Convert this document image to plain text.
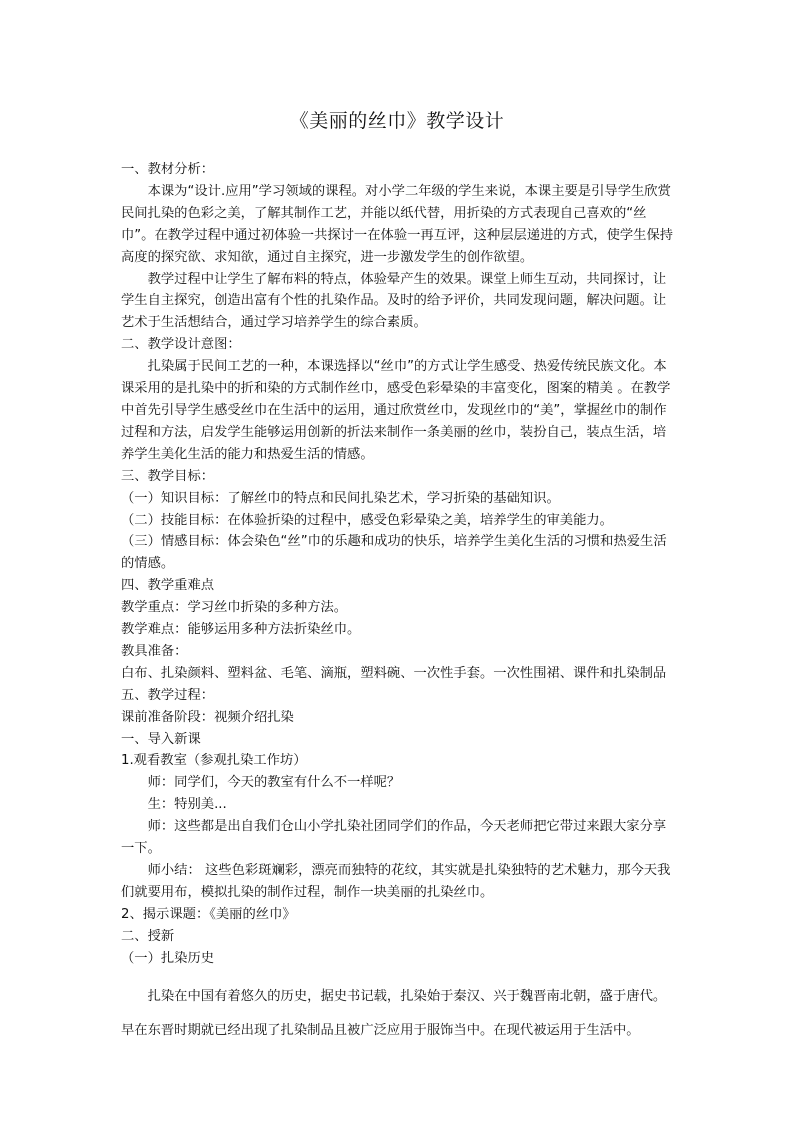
《美丽的丝巾》教学设计

一、教材分析：

本课为“设计.应用”学习领域的课程。对小学二年级的学生来说，本课主要是引导学生欣赏民间扎染的色彩之美，了解其制作工艺，并能以纸代替，用折染的方式表现自己喜欢的“丝巾”。在教学过程中通过初体验一共探讨一在体验一再互评，这种层层递进的方式，使学生保持高度的探究欲、求知欲，通过自主探究，进一步激发学生的创作欲望。

教学过程中让学生了解布料的特点，体验晕产生的效果。课堂上师生互动，共同探讨，让学生自主探究，创造出富有个性的扎染作品。及时的给予评价，共同发现问题，解决问题。让艺术于生活想结合，通过学习培养学生的综合素质。

二、教学设计意图：

扎染属于民间工艺的一种，本课选择以“丝巾”的方式让学生感受、热爱传统民族文化。本课采用的是扎染中的折和染的方式制作丝巾，感受色彩晕染的丰富变化，图案的精美 。在教学中首先引导学生感受丝巾在生活中的运用，通过欣赏丝巾，发现丝巾的“美”，掌握丝巾的制作过程和方法，启发学生能够运用创新的折法来制作一条美丽的丝巾，装扮自己，装点生活，培养学生美化生活的能力和热爱生活的情感。

三、教学目标：

（一）知识目标：了解丝巾的特点和民间扎染艺术，学习折染的基础知识。

（二）技能目标：在体验折染的过程中，感受色彩晕染之美，培养学生的审美能力。

（三）情感目标：体会染色“丝”巾的乐趣和成功的快乐，培养学生美化生活的习惯和热爱生活的情感。

四、教学重难点

教学重点：学习丝巾折染的多种方法。

教学难点：能够运用多种方法折染丝巾。

教具准备：

白布、扎染颜料、塑料盆、毛笔、滴瓶，塑料碗、一次性手套。一次性围裙、课件和扎染制品

五、教学过程：

课前准备阶段：视频介绍扎染

一、导入新课

1.观看教室（参观扎染工作坊）

师：同学们，今天的教室有什么不一样呢？

生：特别美...

师：这些都是出自我们仓山小学扎染社团同学们的作品，今天老师把它带过来跟大家分享一下。

师小结： 这些色彩斑斓彩，漂亮而独特的花纹，其实就是扎染独特的艺术魅力，那今天我们就要用布，模拟扎染的制作过程，制作一块美丽的扎染丝巾。

2、揭示课题：《美丽的丝巾》

二、授新

（一）扎染历史

扎染在中国有着悠久的历史，据史书记载，扎染始于秦汉、兴于魏晋南北朝，盛于唐代。早在东晋时期就已经出现了扎染制品且被广泛应用于服饰当中。在现代被运用于生活中。
